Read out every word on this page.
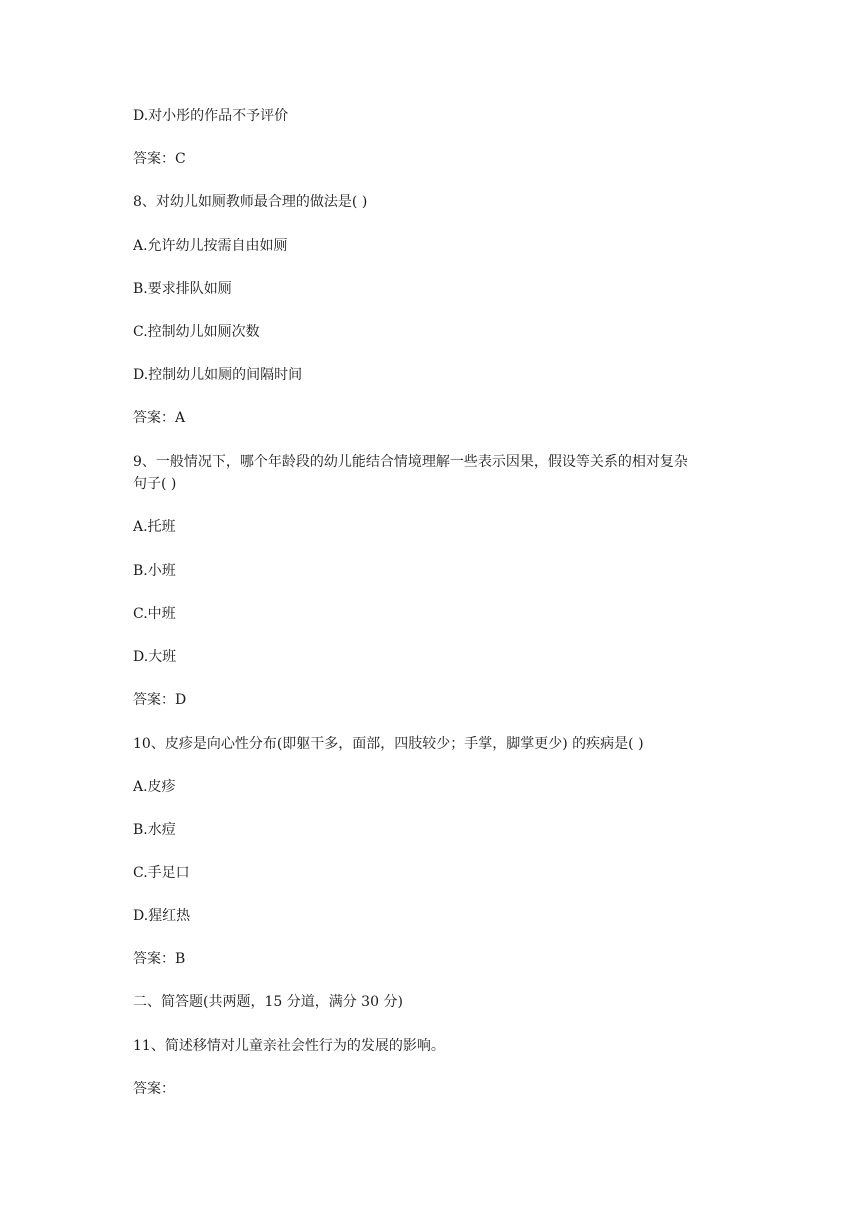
D.对小彤的作品不予评价
答案：C
8、对幼儿如厕教师最合理的做法是( )
A.允许幼儿按需自由如厕
B.要求排队如厕
C.控制幼儿如厕次数
D.控制幼儿如厕的间隔时间
答案：A
9、一般情况下，哪个年龄段的幼儿能结合情境理解一些表示因果，假设等关系的相对复杂
句子( )
A.托班
B.小班
C.中班
D.大班
答案：D
10、皮疹是向心性分布(即躯干多，面部，四肢较少；手掌，脚掌更少) 的疾病是( )
A.皮疹
B.水痘
C.手足口
D.猩红热
答案：B
二、简答题(共两题，15 分道，满分 30 分)
11、简述移情对儿童亲社会性行为的发展的影响。
答案：
